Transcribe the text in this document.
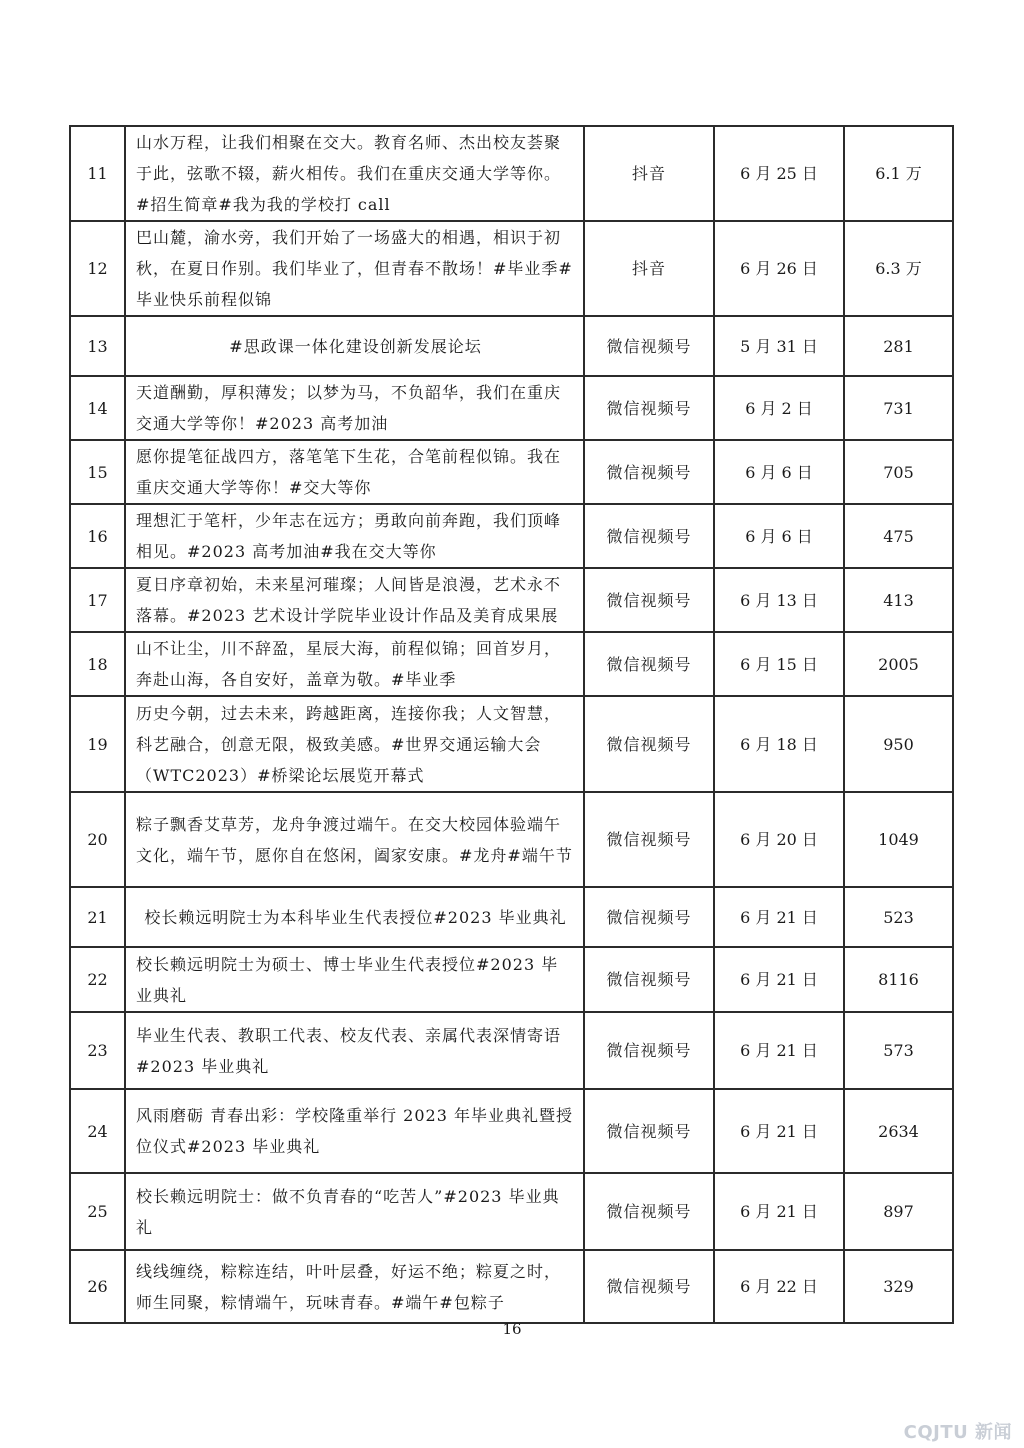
11	山水万程，让我们相聚在交大。教育名师、杰出校友荟聚于此，弦歌不辍，薪火相传。我们在重庆交通大学等你。#招生简章#我为我的学校打 call	抖音	6 月 25 日	6.1 万
12	巴山麓，渝水旁，我们开始了一场盛大的相遇，相识于初秋，在夏日作别。我们毕业了，但青春不散场！#毕业季#毕业快乐前程似锦	抖音	6 月 26 日	6.3 万
13	#思政课一体化建设创新发展论坛	微信视频号	5 月 31 日	281
14	天道酬勤，厚积薄发；以梦为马，不负韶华，我们在重庆交通大学等你！#2023 高考加油	微信视频号	6 月 2 日	731
15	愿你提笔征战四方，落笔笔下生花，合笔前程似锦。我在重庆交通大学等你！#交大等你	微信视频号	6 月 6 日	705
16	理想汇于笔杆，少年志在远方；勇敢向前奔跑，我们顶峰相见。#2023 高考加油#我在交大等你	微信视频号	6 月 6 日	475
17	夏日序章初始，未来星河璀璨；人间皆是浪漫，艺术永不落幕。#2023 艺术设计学院毕业设计作品及美育成果展	微信视频号	6 月 13 日	413
18	山不让尘，川不辞盈，星辰大海，前程似锦；回首岁月，奔赴山海，各自安好，盖章为敬。#毕业季	微信视频号	6 月 15 日	2005
19	历史今朝，过去未来，跨越距离，连接你我；人文智慧，科艺融合，创意无限，极致美感。#世界交通运输大会（WTC2023）#桥梁论坛展览开幕式	微信视频号	6 月 18 日	950
20	粽子飘香艾草芳，龙舟争渡过端午。在交大校园体验端午文化，端午节，愿你自在悠闲，阖家安康。#龙舟#端午节	微信视频号	6 月 20 日	1049
21	校长赖远明院士为本科毕业生代表授位#2023 毕业典礼	微信视频号	6 月 21 日	523
22	校长赖远明院士为硕士、博士毕业生代表授位#2023 毕业典礼	微信视频号	6 月 21 日	8116
23	毕业生代表、教职工代表、校友代表、亲属代表深情寄语#2023 毕业典礼	微信视频号	6 月 21 日	573
24	风雨磨砺 青春出彩：学校隆重举行 2023 年毕业典礼暨授位仪式#2023 毕业典礼	微信视频号	6 月 21 日	2634
25	校长赖远明院士：做不负青春的“吃苦人”#2023 毕业典礼	微信视频号	6 月 21 日	897
26	线线缠绕，粽粽连结，叶叶层叠，好运不绝；粽夏之时，师生同聚，粽情端午，玩味青春。#端午#包粽子	微信视频号	6 月 22 日	329
16
CQJTU 新闻
